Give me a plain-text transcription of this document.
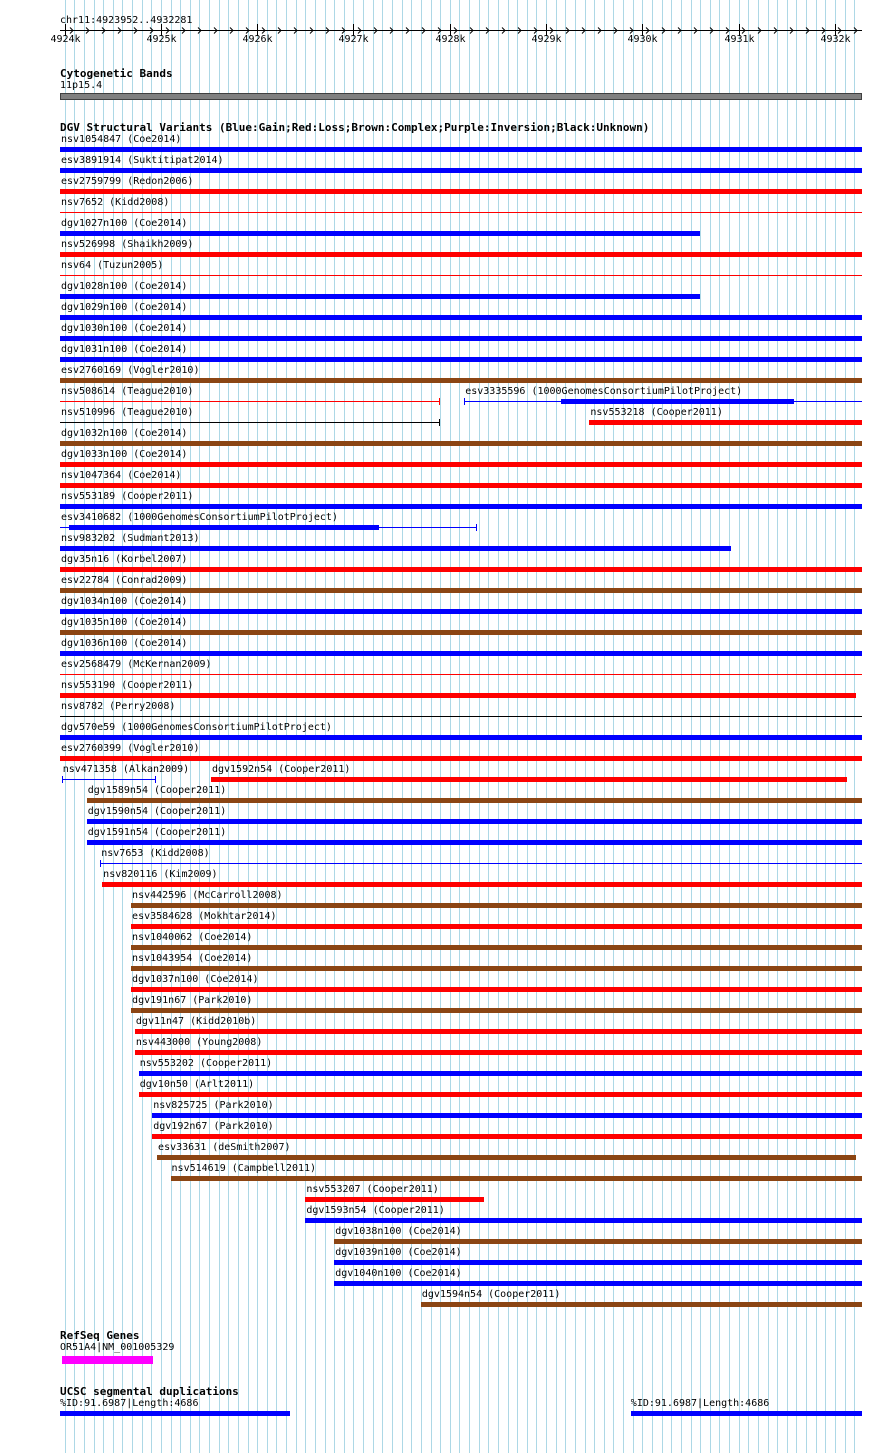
chr11:4923952..4932281
4924k	4925k	4926k	4927k	4928k	4929k	4930k	4931k	4932k
Cytogenetic Bands
11p15.4
DGV Structural Variants (Blue:Gain;Red:Loss;Brown:Complex;Purple:Inversion;Black:Unknown)
nsv1054847 (Coe2014)
esv3891914 (Suktitipat2014)
esv2759799 (Redon2006)
nsv7652 (Kidd2008)
dgv1027n100 (Coe2014)
nsv526998 (Shaikh2009)
nsv64 (Tuzun2005)
dgv1028n100 (Coe2014)
dgv1029n100 (Coe2014)
dgv1030n100 (Coe2014)
dgv1031n100 (Coe2014)
esv2760169 (Vogler2010)
nsv508614 (Teague2010)	esv3335596 (1000GenomesConsortiumPilotProject)
nsv510996 (Teague2010)	nsv553218 (Cooper2011)
dgv1032n100 (Coe2014)
dgv1033n100 (Coe2014)
nsv1047364 (Coe2014)
nsv553189 (Cooper2011)
esv3410682 (1000GenomesConsortiumPilotProject)
nsv983202 (Sudmant2013)
dgv35n16 (Korbel2007)
esv22784 (Conrad2009)
dgv1034n100 (Coe2014)
dgv1035n100 (Coe2014)
dgv1036n100 (Coe2014)
esv2568479 (McKernan2009)
nsv553190 (Cooper2011)
nsv8782 (Perry2008)
dgv570e59 (1000GenomesConsortiumPilotProject)
esv2760399 (Vogler2010)
nsv471358 (Alkan2009) dgv1592n54 (Cooper2011)
dgv1589n54 (Cooper2011)
dgv1590n54 (Cooper2011)
dgv1591n54 (Cooper2011)
nsv7653 (Kidd2008)
nsv820116 (Kim2009)
nsv442596 (McCarroll2008)
esv3584628 (Mokhtar2014)
nsv1040062 (Coe2014)
nsv1043954 (Coe2014)
dgv1037n100 (Coe2014)
dgv191n67 (Park2010)
dgv11n47 (Kidd2010b)
nsv443000 (Young2008)
nsv553202 (Cooper2011)
dgv10n50 (Arlt2011)
nsv825725 (Park2010)
dgv192n67 (Park2010)
esv33631 (deSmith2007)
nsv514619 (Campbell2011)
nsv553207 (Cooper2011)
dgv1593n54 (Cooper2011)
dgv1038n100 (Coe2014)
dgv1039n100 (Coe2014)
dgv1040n100 (Coe2014)
dgv1594n54 (Cooper2011)
RefSeq Genes
OR51A4|NM_001005329
UCSC segmental duplications
%ID:91.6987|Length:4686	%ID:91.6987|Length:4686
